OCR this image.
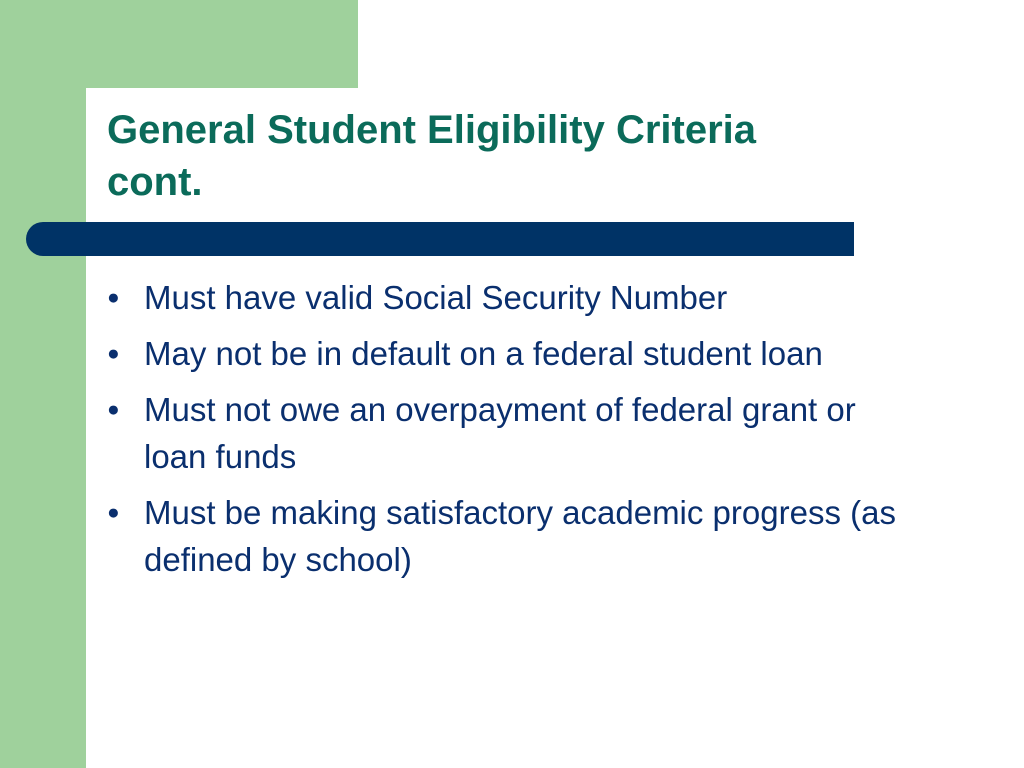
General Student Eligibility Criteria
cont.
● Must have valid Social Security Number
● May not be in default on a federal student loan
● Must not owe an overpayment of federal grant or loan funds
● Must be making satisfactory academic progress (as defined by school)
